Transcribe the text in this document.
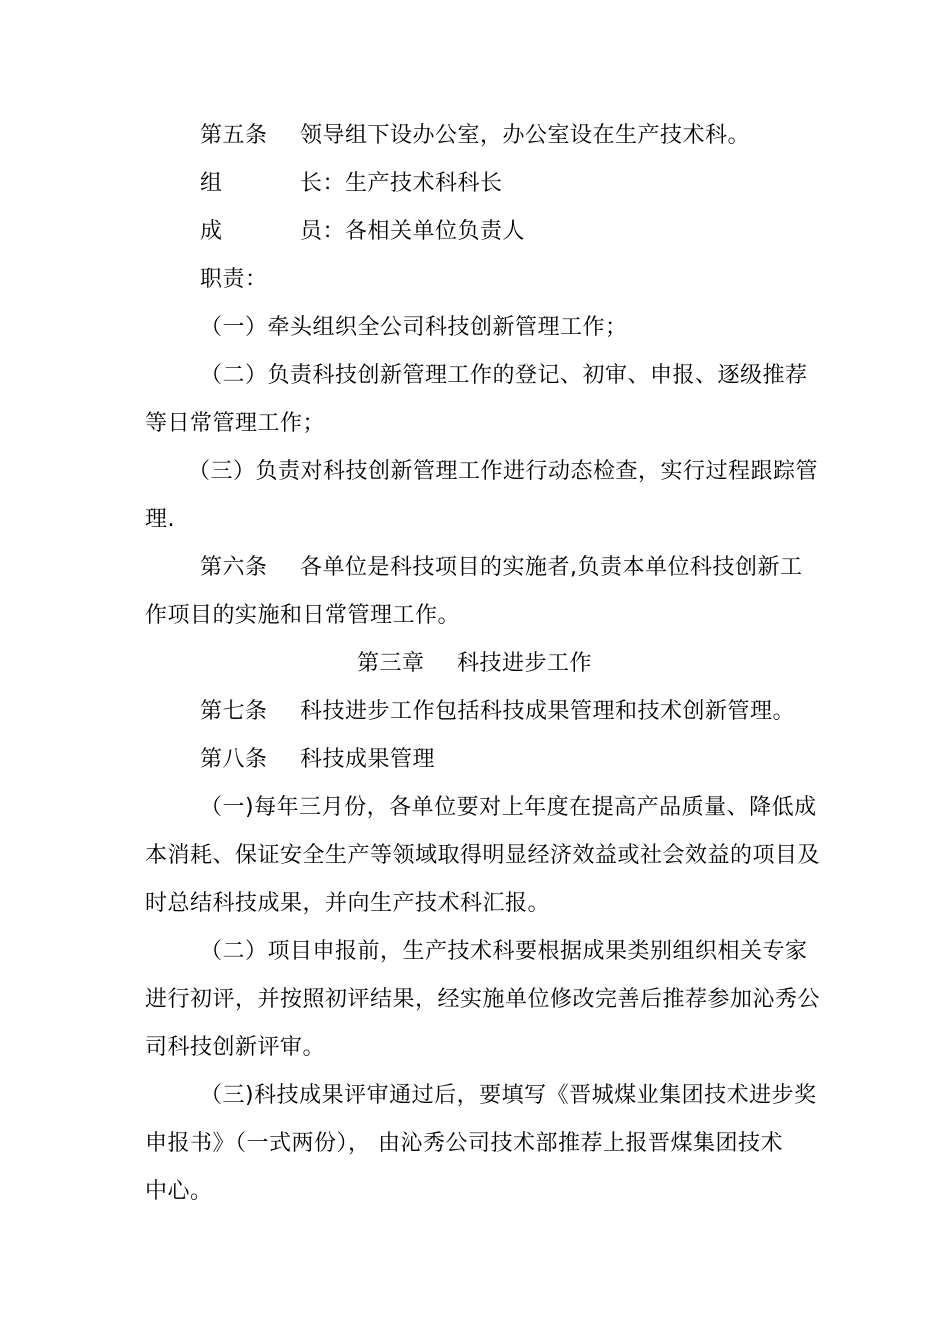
第五条 领导组下设办公室，办公室设在生产技术科。
组	长：生产技术科科长
成	员：各相关单位负责人
职责：
（一）牵头组织全公司科技创新管理工作；
（二）负责科技创新管理工作的登记、初审、申报、逐级推荐
等日常管理工作；
（三）负责对科技创新管理工作进行动态检查，实行过程跟踪管
理.
第六条 各单位是科技项目的实施者,负责本单位科技创新工
作项目的实施和日常管理工作。
第三章 科技进步工作
第七条 科技进步工作包括科技成果管理和技术创新管理。
第八条 科技成果管理
（一)每年三月份，各单位要对上年度在提高产品质量、降低成
本消耗、保证安全生产等领域取得明显经济效益或社会效益的项目及
时总结科技成果，并向生产技术科汇报。
（二）项目申报前，生产技术科要根据成果类别组织相关专家
进行初评，并按照初评结果，经实施单位修改完善后推荐参加沁秀公
司科技创新评审。
（三)科技成果评审通过后，要填写《晋城煤业集团技术进步奖
申报书》（一式两份）， 由沁秀公司技术部推荐上报晋煤集团技术
中心。
